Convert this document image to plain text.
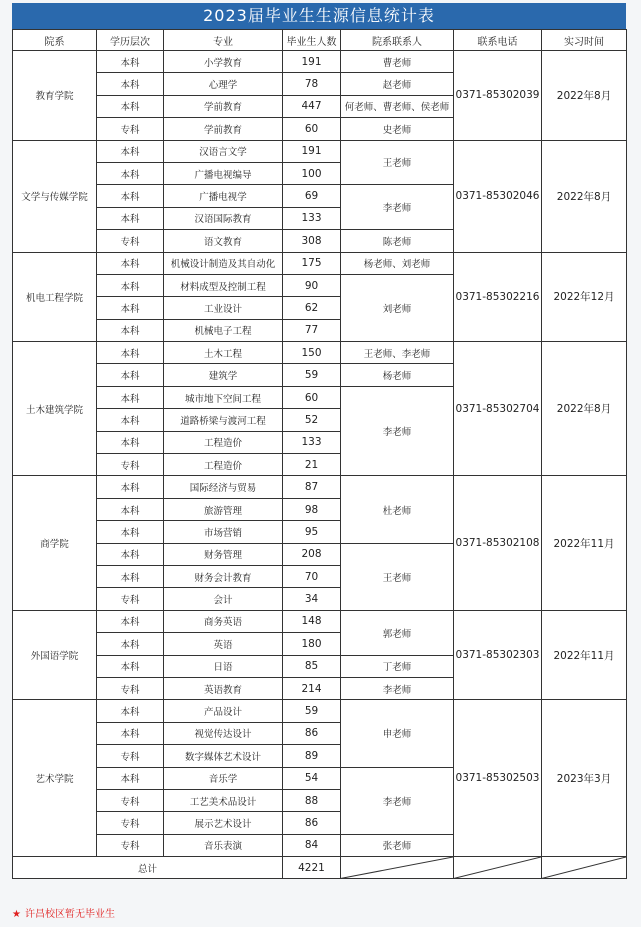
2023届毕业生生源信息统计表
院系	学历层次	专业	毕业生人数	院系联系人	联系电话	实习时间
教育学院	本科	小学教育	191	曹老师	0371-85302039	2022年8月
	本科	心理学	78	赵老师		
	本科	学前教育	447	何老师、曹老师、侯老师		
	专科	学前教育	60	史老师		
文学与传媒学院	本科	汉语言文学	191	王老师	0371-85302046	2022年8月
	本科	广播电视编导	100			
	本科	广播电视学	69	李老师		
	本科	汉语国际教育	133			
	专科	语文教育	308	陈老师		
机电工程学院	本科	机械设计制造及其自动化	175	杨老师、刘老师	0371-85302216	2022年12月
	本科	材料成型及控制工程	90	刘老师		
	本科	工业设计	62			
	本科	机械电子工程	77			
土木建筑学院	本科	土木工程	150	王老师、李老师	0371-85302704	2022年8月
	本科	建筑学	59	杨老师		
	本科	城市地下空间工程	60	李老师		
	本科	道路桥梁与渡河工程	52			
	本科	工程造价	133			
	专科	工程造价	21			
商学院	本科	国际经济与贸易	87	杜老师	0371-85302108	2022年11月
	本科	旅游管理	98			
	本科	市场营销	95			
	本科	财务管理	208	王老师		
	本科	财务会计教育	70			
	专科	会计	34			
外国语学院	本科	商务英语	148	郭老师	0371-85302303	2022年11月
	本科	英语	180			
	本科	日语	85	丁老师		
	专科	英语教育	214	李老师		
艺术学院	本科	产品设计	59	申老师	0371-85302503	2023年3月
	本科	视觉传达设计	86			
	专科	数字媒体艺术设计	89			
	本科	音乐学	54	李老师		
	专科	工艺美术品设计	88			
	专科	展示艺术设计	86			
	专科	音乐表演	84	张老师		
总计			4221	

★ 许昌校区暂无毕业生
